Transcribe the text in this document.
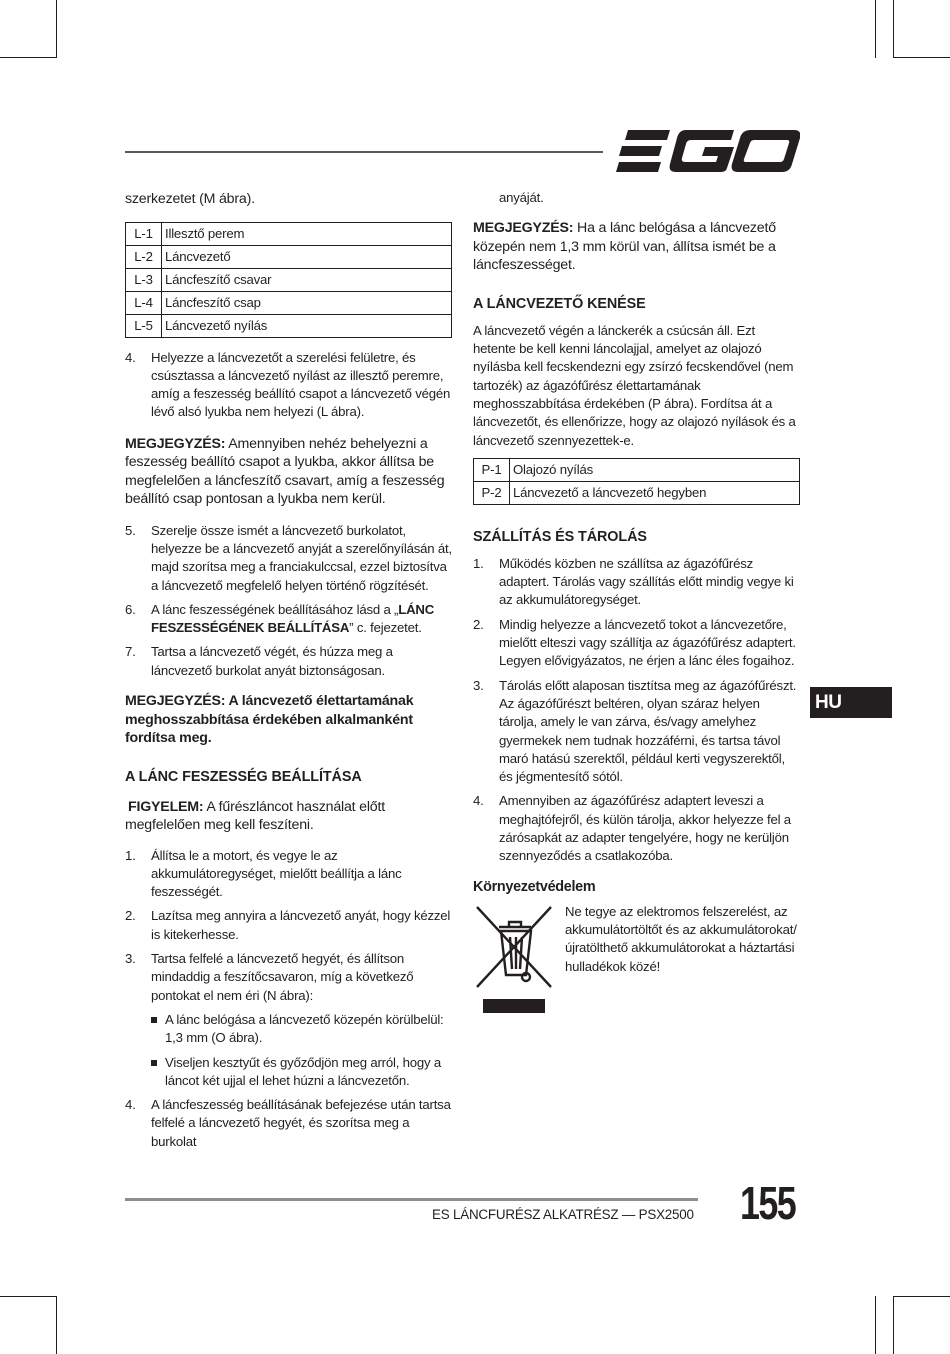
szerkezetet (M ábra).

L-1	Illesztő perem
L-2	Láncvezető
L-3	Láncfeszítő csavar
L-4	Láncfeszítő csap
L-5	Láncvezető nyílás
4. Helyezze a láncvezetőt a szerelési felületre, és csúsztassa a láncvezető nyílást az illesztő peremre, amíg a feszesség beállító csapot a láncvezető végén lévő alsó lyukba nem helyezi (L ábra).

MEGJEGYZÉS: Amennyiben nehéz behelyezni a feszesség beállító csapot a lyukba, akkor állítsa be megfelelően a láncfeszítő csavart, amíg a feszesség beállító csap pontosan a lyukba nem kerül.

5. Szerelje össze ismét a láncvezető burkolatot, helyezze be a láncvezető anyját a szerelőnyílásán át, majd szorítsa meg a franciakulccsal, ezzel biztosítva a láncvezető megfelelő helyen történő rögzítését.
6. A lánc feszességének beállításához lásd a „LÁNC FESZESSÉGÉNEK BEÁLLÍTÁSA” c. fejezetet.
7. Tartsa a láncvezető végét, és húzza meg a láncvezető burkolat anyát biztonságosan.

MEGJEGYZÉS: A láncvezető élettartamának meghosszabbítása érdekében alkalmanként fordítsa meg.

A LÁNC FESZESSÉG BEÁLLÍTÁSA

FIGYELEM: A fűrészláncot használat előtt megfelelően meg kell feszíteni.

1. Állítsa le a motort, és vegye le az akkumulátoregységet, mielőtt beállítja a lánc feszességét.
2. Lazítsa meg annyira a láncvezető anyát, hogy kézzel is kitekerhesse.
3. Tartsa felfelé a láncvezető hegyét, és állítson mindaddig a feszítőcsavaron, míg a következő pontokat el nem éri (N ábra):
A lánc belógása a láncvezető közepén körülbelül: 1,3 mm (O ábra).
Viseljen kesztyűt és győződjön meg arról, hogy a láncot két ujjal el lehet húzni a láncvezetőn.
4. A láncfeszesség beállításának befejezése után tartsa felfelé a láncvezető hegyét, és szorítsa meg a burkolat

anyáját.

MEGJEGYZÉS: Ha a lánc belógása a láncvezető közepén nem 1,3 mm körül van, állítsa ismét be a láncfeszességet.

A LÁNCVEZETŐ KENÉSE

A láncvezető végén a lánckerék a csúcsán áll. Ezt hetente be kell kenni láncolajjal, amelyet az olajozó nyílásba kell fecskendezni egy zsírzó fecskendővel (nem tartozék) az ágazófűrész élettartamának meghosszabbítása érdekében (P ábra). Fordítsa át a láncvezetőt, és ellenőrizze, hogy az olajozó nyílások és a láncvezető szennyezettek-e.

P-1	Olajozó nyílás
P-2	Láncvezető a láncvezető hegyben
SZÁLLÍTÁS ÉS TÁROLÁS
1. Működés közben ne szállítsa az ágazófűrész adaptert. Tárolás vagy szállítás előtt mindig vegye ki az akkumulátoregységet.
2. Mindig helyezze a láncvezető tokot a láncvezetőre, mielőtt elteszi vagy szállítja az ágazófűrész adaptert. Legyen elővigyázatos, ne érjen a lánc éles fogaihoz.
3. Tárolás előtt alaposan tisztítsa meg az ágazófűrészt. Az ágazófűrészt beltéren, olyan száraz helyen tárolja, amely le van zárva, és/vagy amelyhez gyermekek nem tudnak hozzáférni, és tartsa távol maró hatású szerektől, például kerti vegyszerektől, és jégmentesítő sótól.
4. Amennyiben az ágazófűrész adaptert leveszi a meghajtófejről, és külön tárolja, akkor helyezze fel a zárósapkát az adapter tengelyére, hogy ne kerüljön szennyeződés a csatlakozóba.
Környezetvédelem

Ne tegye az elektromos felszerelést, az akkumulátortöltőt és az akkumulátorokat/ újratölthető akkumulátorokat a háztartási hulladékok közé!

HU
ES LÁNCFURÉSZ ALKATRÉSZ — PSX2500 155
